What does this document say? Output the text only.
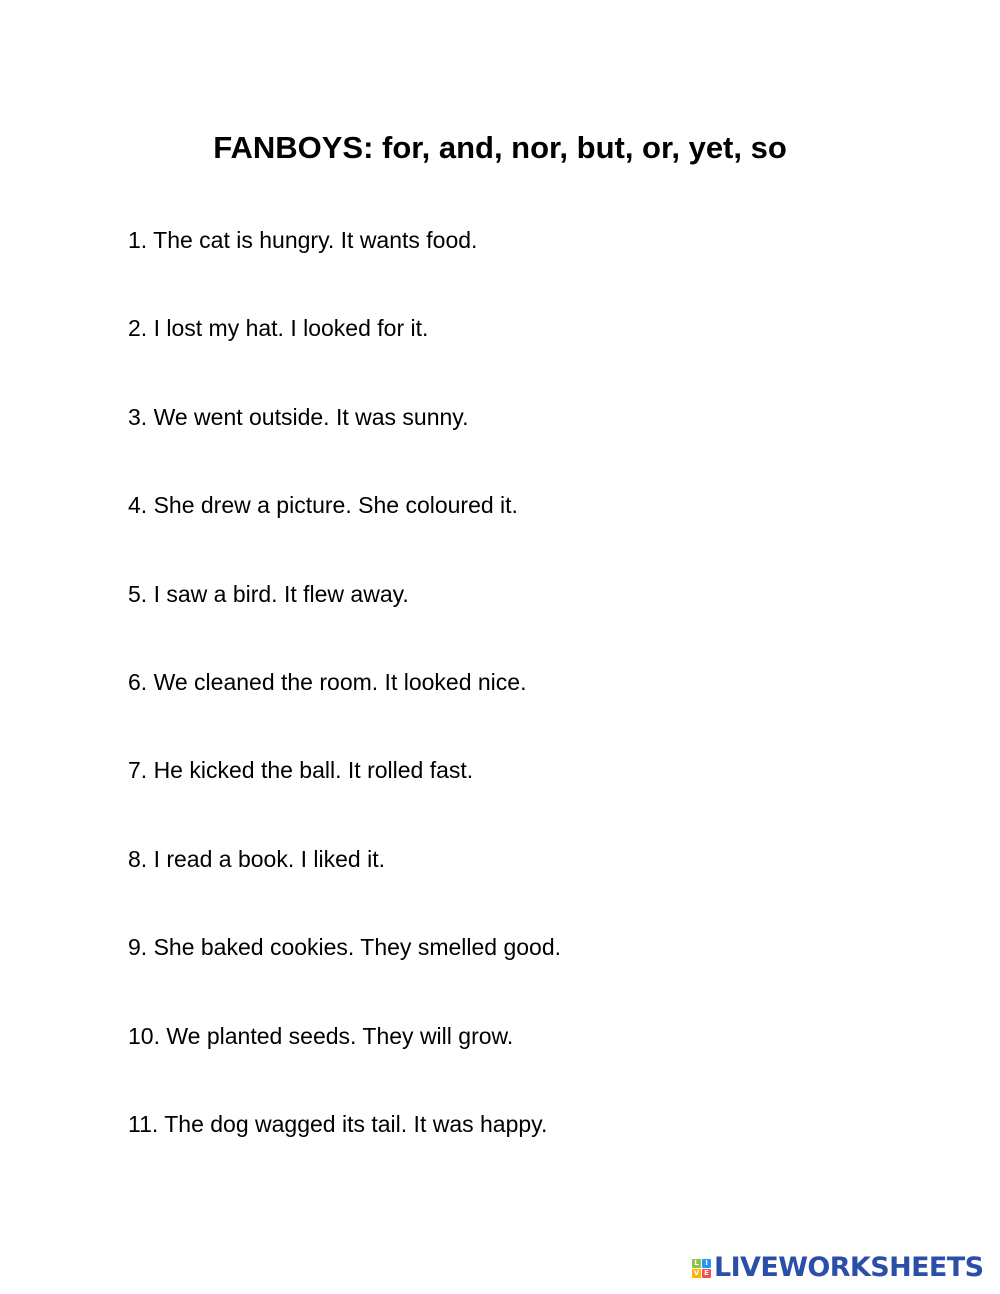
FANBOYS: for, and, nor, but, or, yet, so
1. The cat is hungry. It wants food.
2. I lost my hat. I looked for it.
3. We went outside. It was sunny.
4. She drew a picture. She coloured it.
5. I saw a bird. It flew away.
6. We cleaned the room. It looked nice.
7. He kicked the ball. It rolled fast.
8. I read a book. I liked it.
9. She baked cookies. They smelled good.
10. We planted seeds. They will grow.
11. The dog wagged its tail. It was happy.
L I
V E LIVEWORKSHEETS
